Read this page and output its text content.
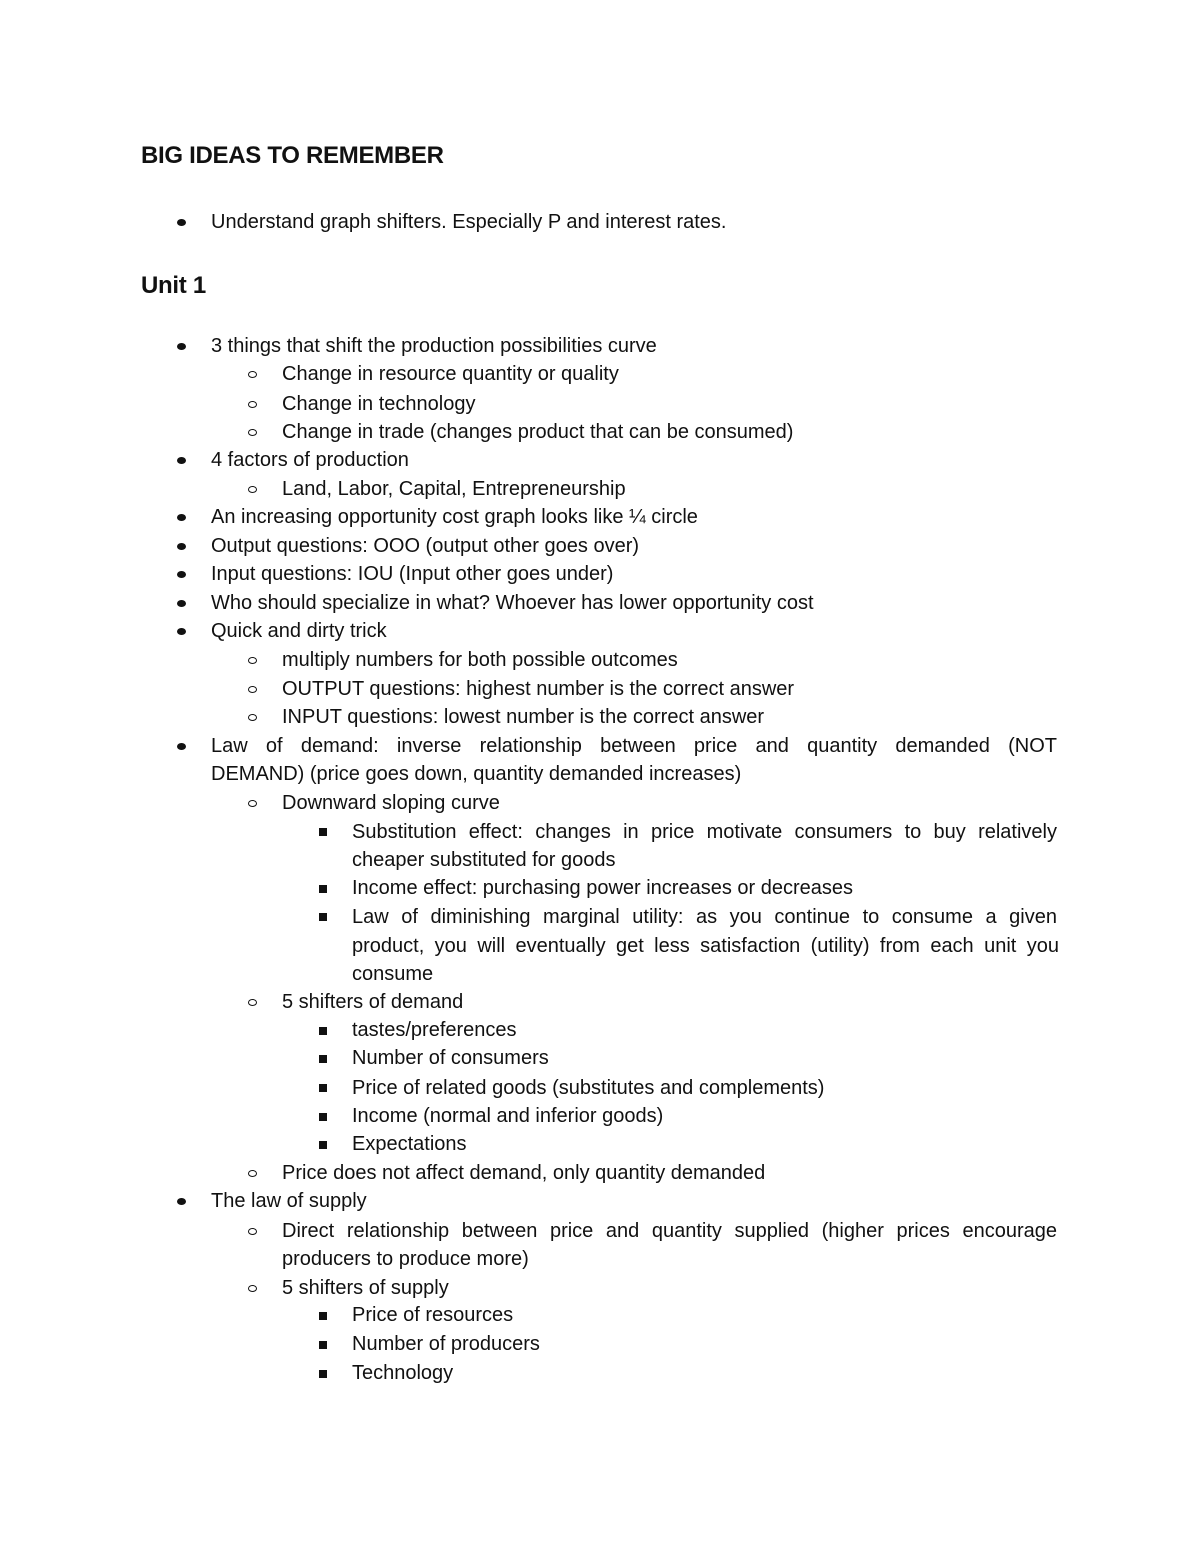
BIG IDEAS TO REMEMBER
Understand graph shifters. Especially P and interest rates.
Unit 1
3 things that shift the production possibilities curve
Change in resource quantity or quality
Change in technology
Change in trade (changes product that can be consumed)
4 factors of production
Land, Labor, Capital, Entrepreneurship
An increasing opportunity cost graph looks like ¼ circle
Output questions: OOO (output other goes over)
Input questions: IOU (Input other goes under)
Who should specialize in what? Whoever has lower opportunity cost
Quick and dirty trick
multiply numbers for both possible outcomes
OUTPUT questions: highest number is the correct answer
INPUT questions: lowest number is the correct answer
Law of demand: inverse relationship between price and quantity demanded (NOT
DEMAND) (price goes down, quantity demanded increases)
Downward sloping curve
Substitution effect: changes in price motivate consumers to buy relatively
cheaper substituted for goods
Income effect: purchasing power increases or decreases
Law of diminishing marginal utility: as you continue to consume a given
product, you will eventually get less satisfaction (utility) from each unit you
consume
5 shifters of demand
tastes/preferences
Number of consumers
Price of related goods (substitutes and complements)
Income (normal and inferior goods)
Expectations
Price does not affect demand, only quantity demanded
The law of supply
Direct relationship between price and quantity supplied (higher prices encourage
producers to produce more)
5 shifters of supply
Price of resources
Number of producers
Technology
